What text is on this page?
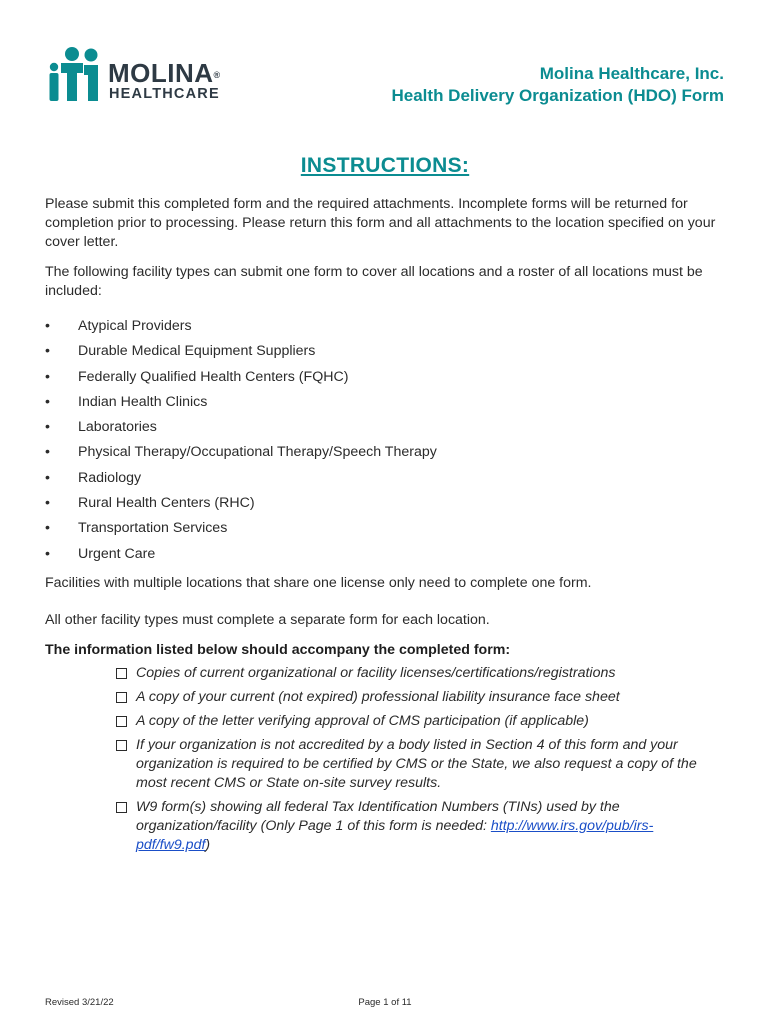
MOLINA®
HEALTHCARE
Molina Healthcare, Inc.
Health Delivery Organization (HDO) Form
INSTRUCTIONS:
Please submit this completed form and the required attachments. Incomplete forms will be returned for completion prior to processing. Please return this form and all attachments to the location specified on your cover letter.
The following facility types can submit one form to cover all locations and a roster of all locations must be included:
•	Atypical Providers
•	Durable Medical Equipment Suppliers
•	Federally Qualified Health Centers (FQHC)
•	Indian Health Clinics
•	Laboratories
•	Physical Therapy/Occupational Therapy/Speech Therapy
•	Radiology
•	Rural Health Centers (RHC)
•	Transportation Services
•	Urgent Care
Facilities with multiple locations that share one license only need to complete one form.
All other facility types must complete a separate form for each location.
The information listed below should accompany the completed form:
Copies of current organizational or facility licenses/certifications/registrations
A copy of your current (not expired) professional liability insurance face sheet
A copy of the letter verifying approval of CMS participation (if applicable)
If your organization is not accredited by a body listed in Section 4 of this form and your organization is required to be certified by CMS or the State, we also request a copy of the most recent CMS or State on-site survey results.
W9 form(s) showing all federal Tax Identification Numbers (TINs) used by the organization/facility (Only Page 1 of this form is needed: http://www.irs.gov/pub/irs-pdf/fw9.pdf)
Revised 3/21/22	Page 1 of 11
